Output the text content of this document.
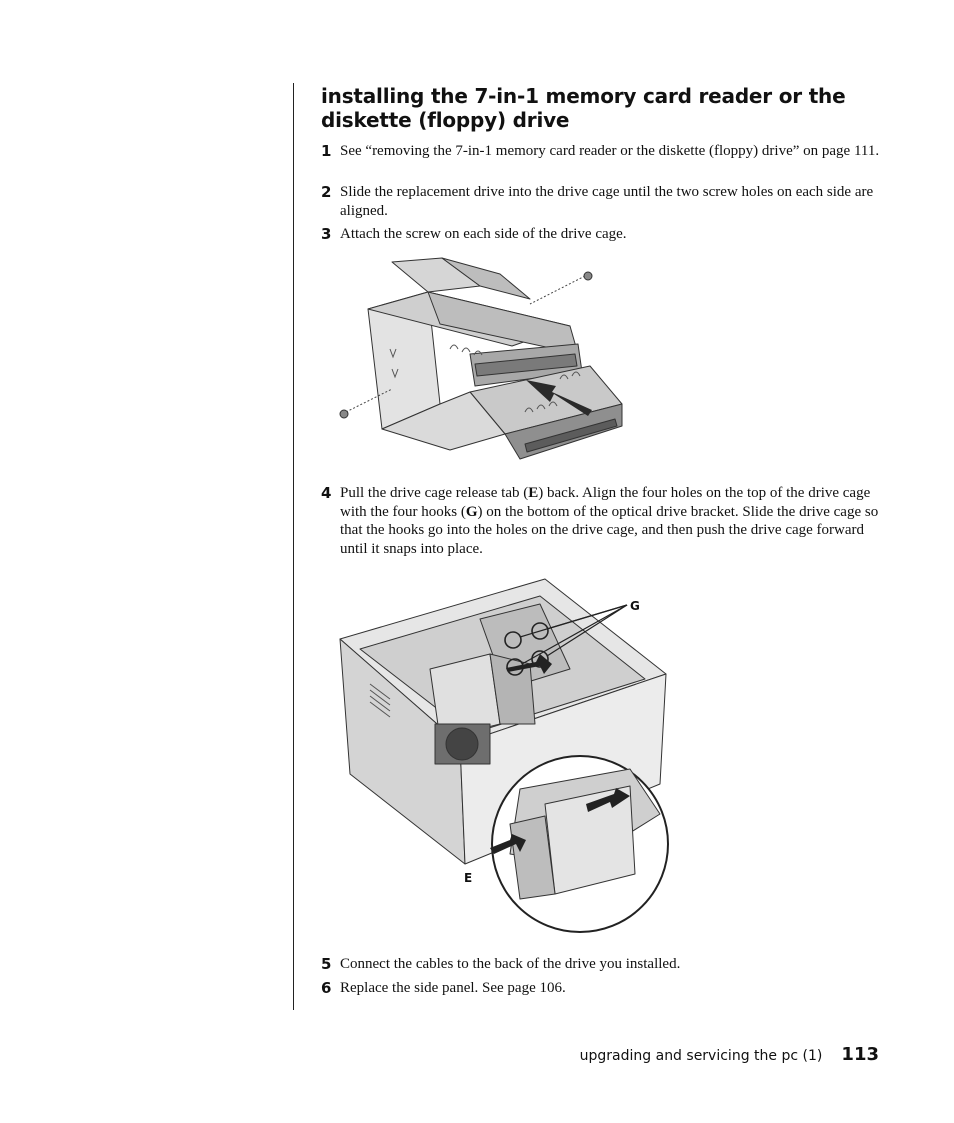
installing the 7-in-1 memory card reader or the diskette (floppy) drive
1 See “removing the 7-in-1 memory card reader or the diskette (floppy) drive” on page 111.
2 Slide the replacement drive into the drive cage until the two screw holes on each side are aligned.
3 Attach the screw on each side of the drive cage.
4 Pull the drive cage release tab (E) back. Align the four holes on the top of the drive cage with the four hooks (G) on the bottom of the optical drive bracket. Slide the drive cage so that the hooks go into the holes on the drive cage, and then push the drive cage forward until it snaps into place.
G
E
5 Connect the cables to the back of the drive you installed.
6 Replace the side panel. See page 106.
upgrading and servicing the pc (1) 113
